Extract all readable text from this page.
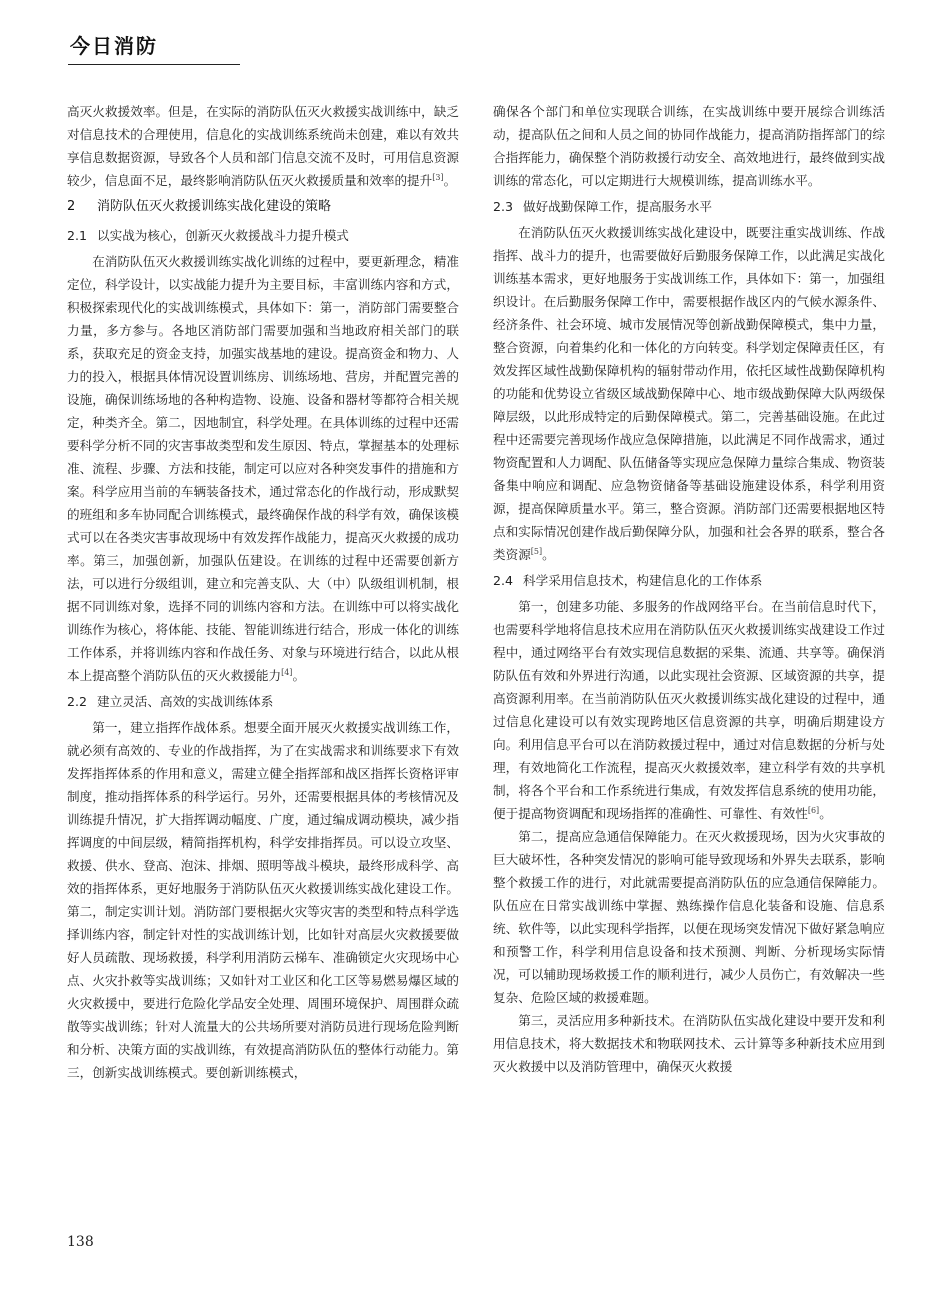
今日消防

高灭火救援效率。但是，在实际的消防队伍灭火救援实战训练中，缺乏对信息技术的合理使用，信息化的实战训练系统尚未创建，难以有效共享信息数据资源，导致各个人员和部门信息交流不及时，可用信息资源较少，信息面不足，最终影响消防队伍灭火救援质量和效率的提升[3]。

2 消防队伍灭火救援训练实战化建设的策略
2.1 以实战为核心，创新灭火救援战斗力提升模式

在消防队伍灭火救援训练实战化训练的过程中，要更新理念，精准定位，科学设计，以实战能力提升为主要目标，丰富训练内容和方式，积极探索现代化的实战训练模式，具体如下：第一，消防部门需要整合力量，多方参与。各地区消防部门需要加强和当地政府相关部门的联系，获取充足的资金支持，加强实战基地的建设。提高资金和物力、人力的投入，根据具体情况设置训练房、训练场地、营房，并配置完善的设施，确保训练场地的各种构造物、设施、设备和器材等都符合相关规定，种类齐全。第二，因地制宜，科学处理。在具体训练的过程中还需要科学分析不同的灾害事故类型和发生原因、特点，掌握基本的处理标准、流程、步骤、方法和技能，制定可以应对各种突发事件的措施和方案。科学应用当前的车辆装备技术，通过常态化的作战行动，形成默契的班组和多车协同配合训练模式，最终确保作战的科学有效，确保该模式可以在各类灾害事故现场中有效发挥作战能力，提高灭火救援的成功率。第三，加强创新，加强队伍建设。在训练的过程中还需要创新方法，可以进行分级组训，建立和完善支队、大（中）队级组训机制，根据不同训练对象，选择不同的训练内容和方法。在训练中可以将实战化训练作为核心，将体能、技能、智能训练进行结合，形成一体化的训练工作体系，并将训练内容和作战任务、对象与环境进行结合，以此从根本上提高整个消防队伍的灭火救援能力[4]。

2.2 建立灵活、高效的实战训练体系

第一，建立指挥作战体系。想要全面开展灭火救援实战训练工作，就必须有高效的、专业的作战指挥，为了在实战需求和训练要求下有效发挥指挥体系的作用和意义，需建立健全指挥部和战区指挥长资格评审制度，推动指挥体系的科学运行。另外，还需要根据具体的考核情况及训练提升情况，扩大指挥调动幅度、广度，通过编成调动模块，减少指挥调度的中间层级，精简指挥机构，科学安排指挥员。可以设立攻坚、救援、供水、登高、泡沫、排烟、照明等战斗模块，最终形成科学、高效的指挥体系，更好地服务于消防队伍灭火救援训练实战化建设工作。第二，制定实训计划。消防部门要根据火灾等灾害的类型和特点科学选择训练内容，制定针对性的实战训练计划，比如针对高层火灾救援要做好人员疏散、现场救援，科学利用消防云梯车、准确锁定火灾现场中心点、火灾扑救等实战训练；又如针对工业区和化工区等易燃易爆区域的火灾救援中，要进行危险化学品安全处理、周围环境保护、周围群众疏散等实战训练；针对人流量大的公共场所要对消防员进行现场危险判断和分析、决策方面的实战训练，有效提高消防队伍的整体行动能力。第三，创新实战训练模式。要创新训练模式，

确保各个部门和单位实现联合训练，在实战训练中要开展综合训练活动，提高队伍之间和人员之间的协同作战能力，提高消防指挥部门的综合指挥能力，确保整个消防救援行动安全、高效地进行，最终做到实战训练的常态化，可以定期进行大规模训练，提高训练水平。

2.3 做好战勤保障工作，提高服务水平

在消防队伍灭火救援训练实战化建设中，既要注重实战训练、作战指挥、战斗力的提升，也需要做好后勤服务保障工作，以此满足实战化训练基本需求，更好地服务于实战训练工作，具体如下：第一，加强组织设计。在后勤服务保障工作中，需要根据作战区内的气候水源条件、经济条件、社会环境、城市发展情况等创新战勤保障模式，集中力量，整合资源，向着集约化和一体化的方向转变。科学划定保障责任区，有效发挥区域性战勤保障机构的辐射带动作用，依托区域性战勤保障机构的功能和优势设立省级区域战勤保障中心、地市级战勤保障大队两级保障层级，以此形成特定的后勤保障模式。第二，完善基础设施。在此过程中还需要完善现场作战应急保障措施，以此满足不同作战需求，通过物资配置和人力调配、队伍储备等实现应急保障力量综合集成、物资装备集中响应和调配、应急物资储备等基础设施建设体系，科学利用资源，提高保障质量水平。第三，整合资源。消防部门还需要根据地区特点和实际情况创建作战后勤保障分队，加强和社会各界的联系，整合各类资源[5]。

2.4 科学采用信息技术，构建信息化的工作体系

第一，创建多功能、多服务的作战网络平台。在当前信息时代下，也需要科学地将信息技术应用在消防队伍灭火救援训练实战建设工作过程中，通过网络平台有效实现信息数据的采集、流通、共享等。确保消防队伍有效和外界进行沟通，以此实现社会资源、区域资源的共享，提高资源利用率。在当前消防队伍灭火救援训练实战化建设的过程中，通过信息化建设可以有效实现跨地区信息资源的共享，明确后期建设方向。利用信息平台可以在消防救援过程中，通过对信息数据的分析与处理，有效地简化工作流程，提高灭火救援效率，建立科学有效的共享机制，将各个平台和工作系统进行集成，有效发挥信息系统的使用功能，便于提高物资调配和现场指挥的准确性、可靠性、有效性[6]。

第二，提高应急通信保障能力。在灭火救援现场，因为火灾事故的巨大破坏性，各种突发情况的影响可能导致现场和外界失去联系，影响整个救援工作的进行，对此就需要提高消防队伍的应急通信保障能力。队伍应在日常实战训练中掌握、熟练操作信息化装备和设施、信息系统、软件等，以此实现科学指挥，以便在现场突发情况下做好紧急响应和预警工作，科学利用信息设备和技术预测、判断、分析现场实际情况，可以辅助现场救援工作的顺利进行，减少人员伤亡，有效解决一些复杂、危险区域的救援难题。

第三，灵活应用多种新技术。在消防队伍实战化建设中要开发和利用信息技术，将大数据技术和物联网技术、云计算等多种新技术应用到灭火救援中以及消防管理中，确保灭火救援

138
